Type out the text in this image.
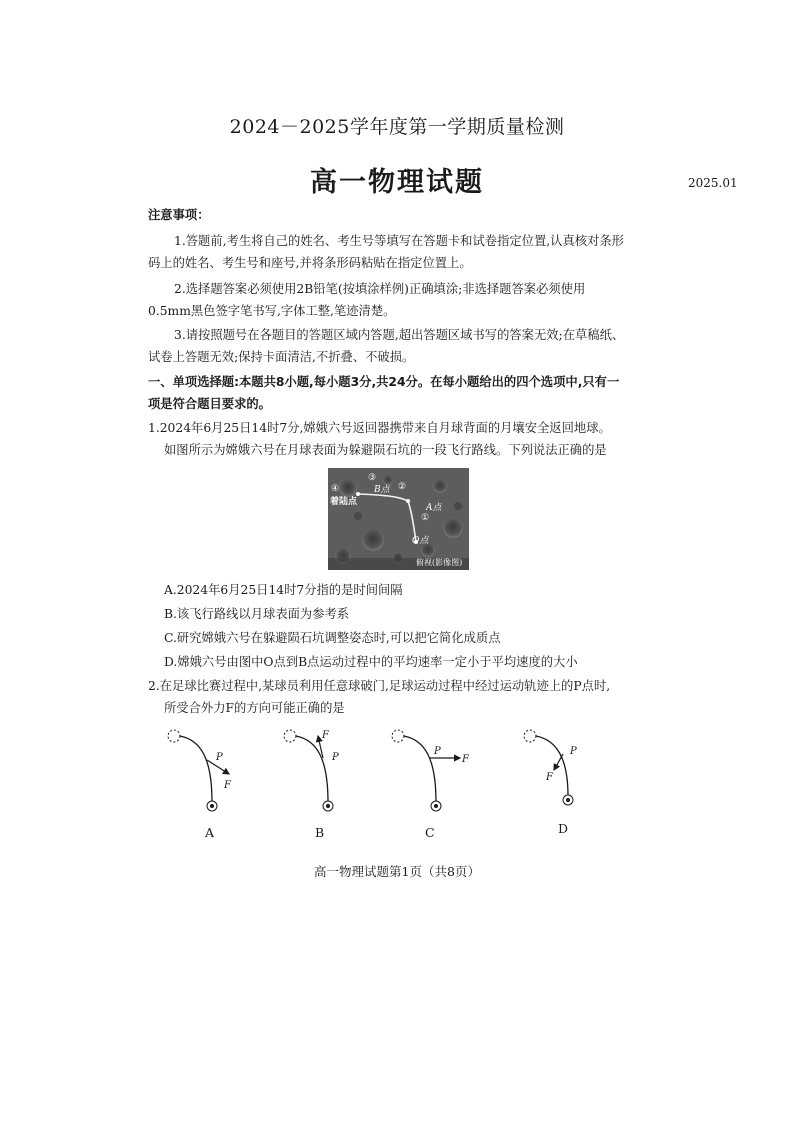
2024－2025学年度第一学期质量检测
高一物理试题	2025.01
注意事项：
1.答题前,考生将自己的姓名、考生号等填写在答题卡和试卷指定位置,认真核对条形
码上的姓名、考生号和座号,并将条形码粘贴在指定位置上。
2.选择题答案必须使用2B铅笔(按填涂样例)正确填涂;非选择题答案必须使用
0.5mm黑色签字笔书写,字体工整,笔迹清楚。
3.请按照题号在各题目的答题区域内答题,超出答题区域书写的答案无效;在草稿纸、
试卷上答题无效;保持卡面清洁,不折叠、不破损。
一、单项选择题:本题共8小题,每小题3分,共24分。在每小题给出的四个选项中,只有一
项是符合题目要求的。
1.2024年6月25日14时7分,嫦娥六号返回器携带来自月球背面的月壤安全返回地球。
如图所示为嫦娥六号在月球表面为躲避陨石坑的一段飞行路线。下列说法正确的是
④
着陆点
③
B点 ②
A点
①
O点
俯视(影像图)
A.2024年6月25日14时7分指的是时间间隔
B.该飞行路线以月球表面为参考系
C.研究嫦娥六号在躲避陨石坑调整姿态时,可以把它简化成质点
D.嫦娥六号由图中O点到B点运动过程中的平均速率一定小于平均速度的大小
2.在足球比赛过程中,某球员利用任意球破门,足球运动过程中经过运动轨迹上的P点时,
所受合外力F的方向可能正确的是
P
F
P
F
P
F
P
F
A	B	C	D
高一物理试题第1页（共8页）
